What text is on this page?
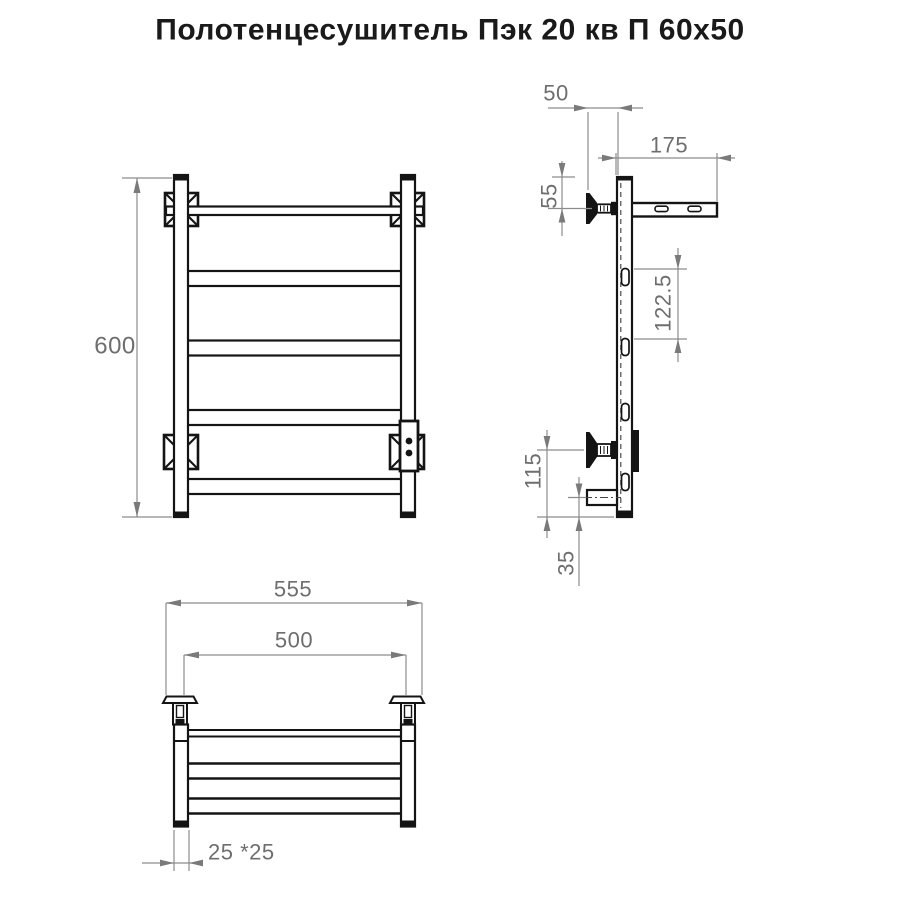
Полотенцесушитель Пэк 20 кв П 60х50
600
50
175
55
122.5
115
35
555
500
25 *25
